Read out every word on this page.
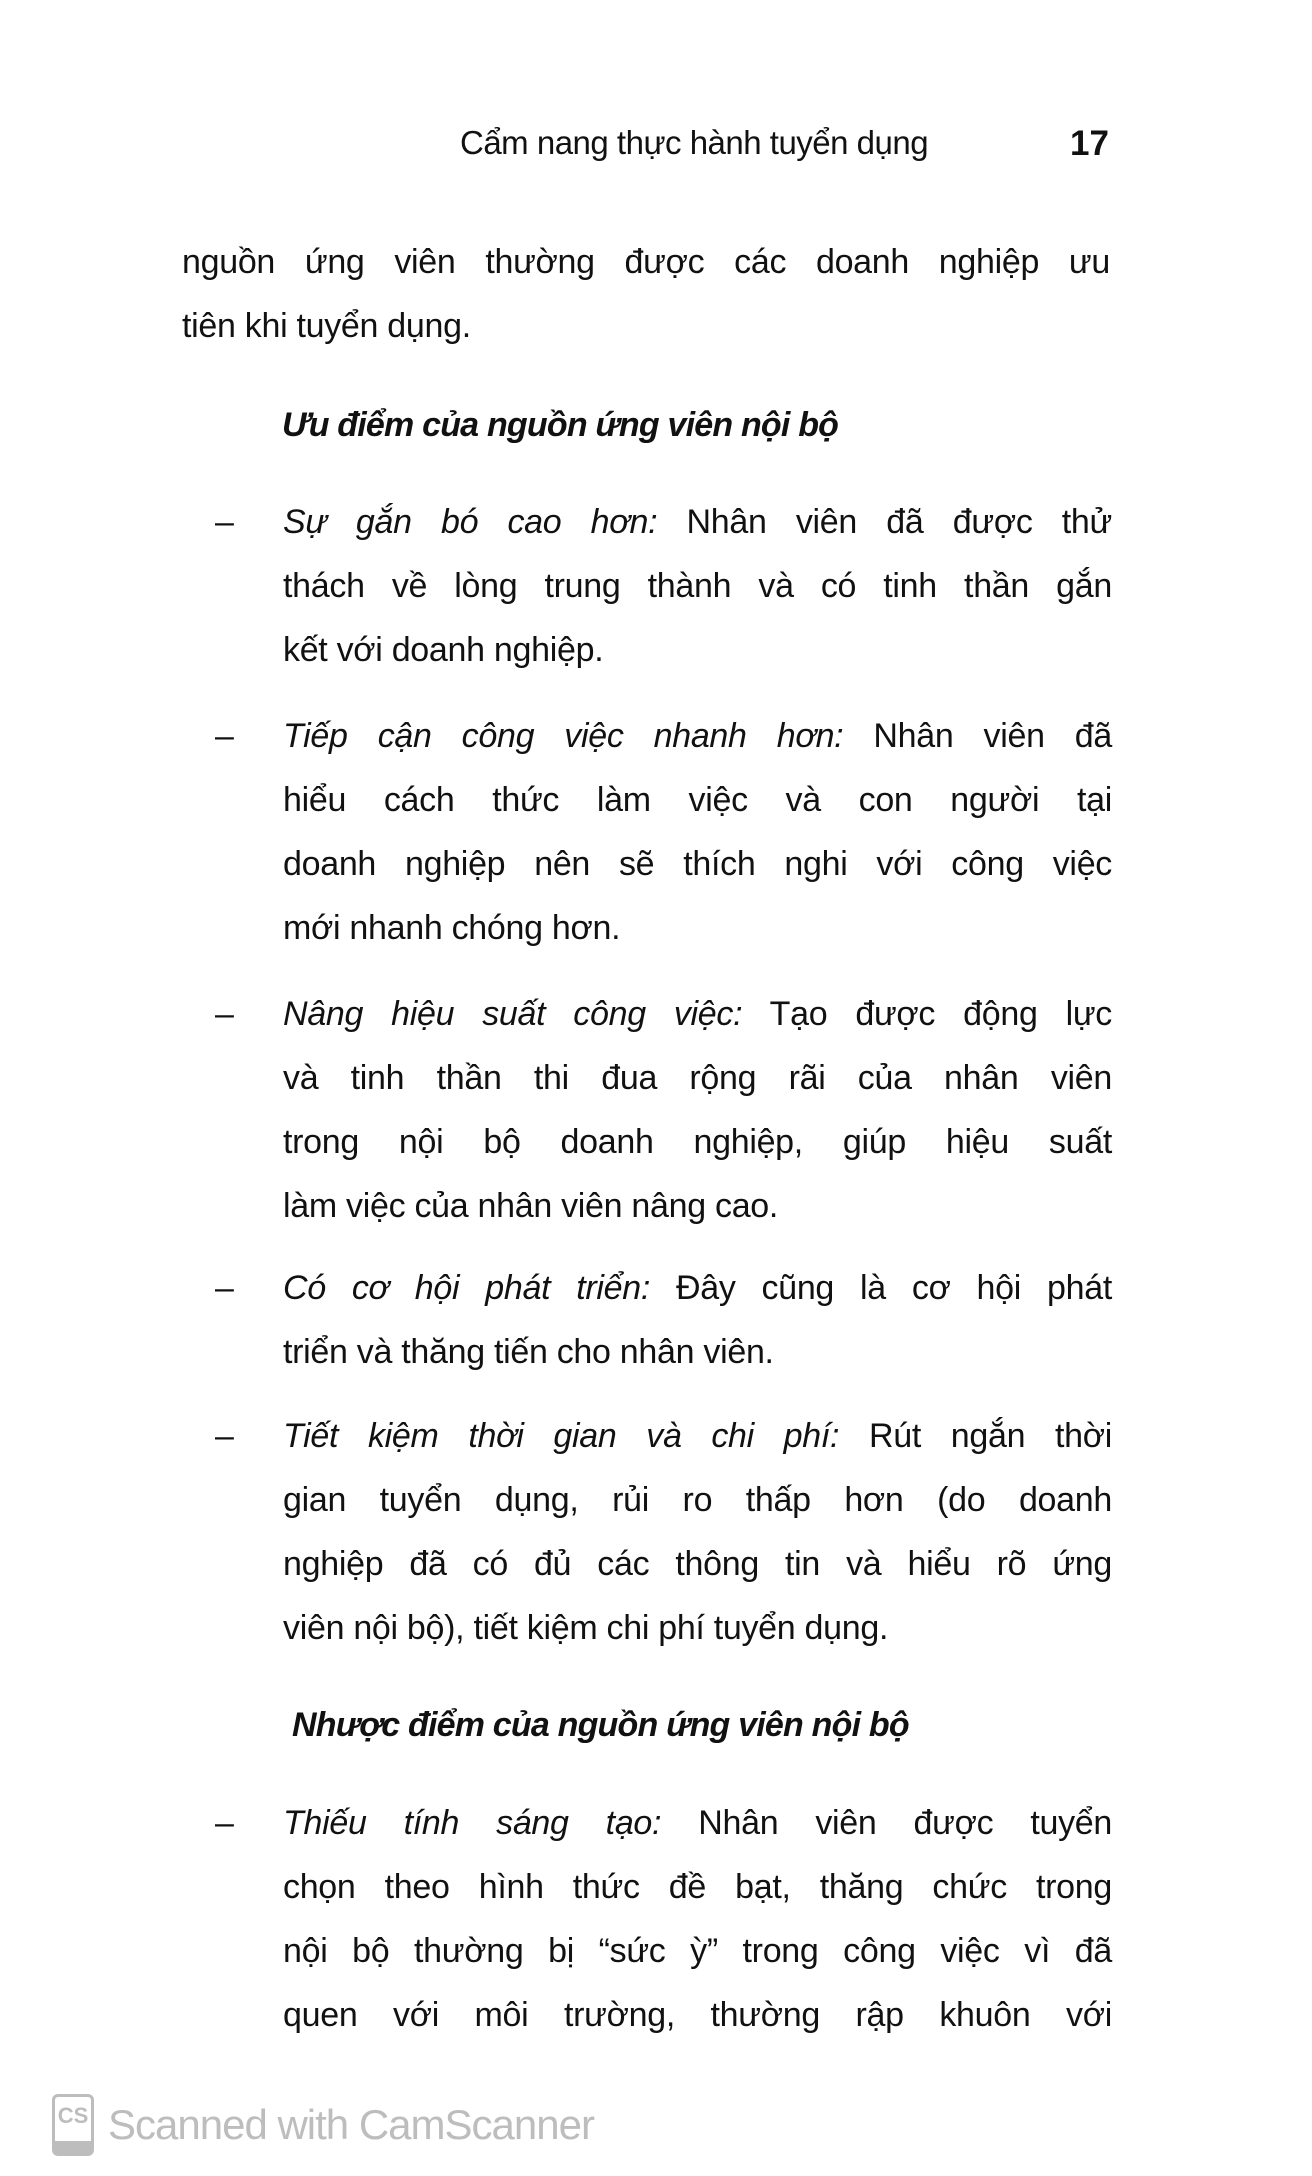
Cẩm nang thực hành tuyển dụng	17
nguồn ứng viên thường được các doanh nghiệp ưu
tiên khi tuyển dụng.
Ưu điểm của nguồn ứng viên nội bộ
– Sự gắn bó cao hơn: Nhân viên đã được thử
thách về lòng trung thành và có tinh thần gắn
kết với doanh nghiệp.
– Tiếp cận công việc nhanh hơn: Nhân viên đã
hiểu cách thức làm việc và con người tại
doanh nghiệp nên sẽ thích nghi với công việc
mới nhanh chóng hơn.
– Nâng hiệu suất công việc: Tạo được động lực
và tinh thần thi đua rộng rãi của nhân viên
trong nội bộ doanh nghiệp, giúp hiệu suất
làm việc của nhân viên nâng cao.
– Có cơ hội phát triển: Đây cũng là cơ hội phát
triển và thăng tiến cho nhân viên.
– Tiết kiệm thời gian và chi phí: Rút ngắn thời
gian tuyển dụng, rủi ro thấp hơn (do doanh
nghiệp đã có đủ các thông tin và hiểu rõ ứng
viên nội bộ), tiết kiệm chi phí tuyển dụng.
Nhược điểm của nguồn ứng viên nội bộ
– Thiếu tính sáng tạo: Nhân viên được tuyển
chọn theo hình thức đề bạt, thăng chức trong
nội bộ thường bị “sức ỳ” trong công việc vì đã
quen với môi trường, thường rập khuôn với
CS Scanned with CamScanner
